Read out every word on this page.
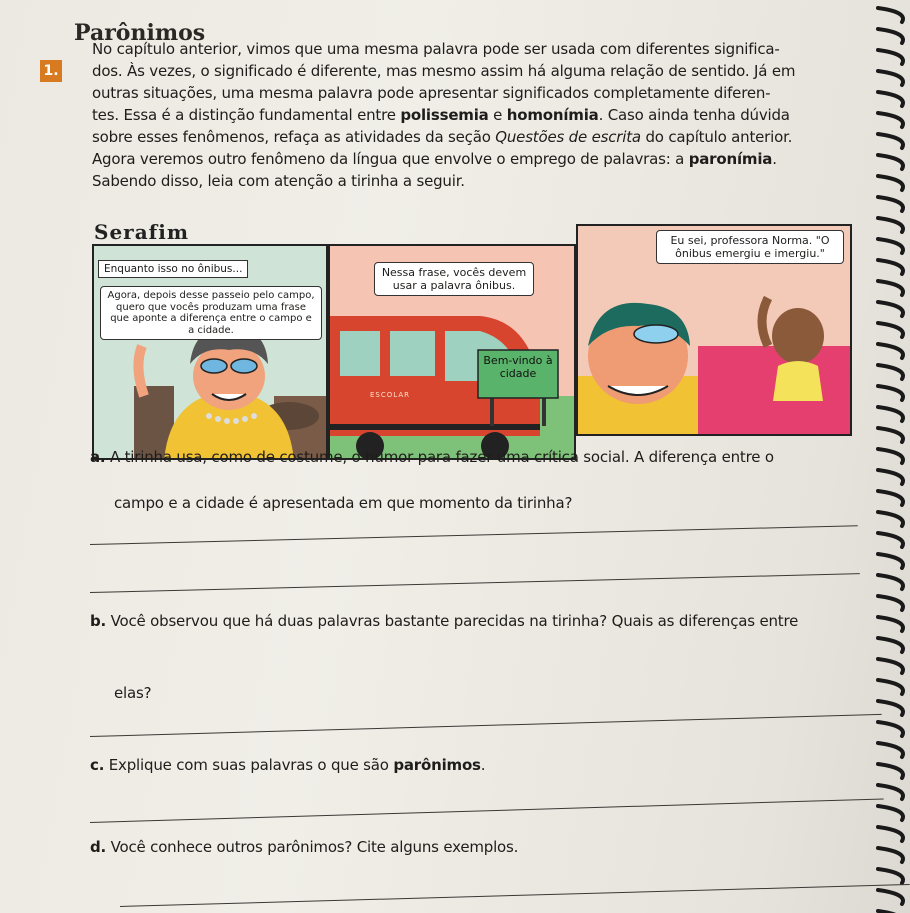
Parônimos
1.

No capítulo anterior, vimos que uma mesma palavra pode ser usada com diferentes significa-

dos. Às vezes, o significado é diferente, mas mesmo assim há alguma relação de sentido. Já em

outras situações, uma mesma palavra pode apresentar significados completamente diferen-

tes. Essa é a distinção fundamental entre polissemia e homonímia. Caso ainda tenha dúvida

sobre esses fenômenos, refaça as atividades da seção Questões de escrita do capítulo anterior.

Agora veremos outro fenômeno da língua que envolve o emprego de palavras: a paronímia.

Sabendo disso, leia com atenção a tirinha a seguir.

Enquanto isso no ônibus...
Agora, depois desse passeio pelo campo, quero que vocês produzam uma frase que aponte a diferença entre o campo e a cidade.
Serafim
Nessa frase, vocês devem usar a palavra ônibus.
Bem-vindo à cidade
ESCOLAR
Eu sei, professora Norma. "O ônibus emergiu e imergiu."
a. A tirinha usa, como de costume, o humor para fazer uma crítica social. A diferença entre o
campo e a cidade é apresentada em que momento da tirinha?
b. Você observou que há duas palavras bastante parecidas na tirinha? Quais as diferenças entre
elas?
c. Explique com suas palavras o que são parônimos.
d. Você conhece outros parônimos? Cite alguns exemplos.
